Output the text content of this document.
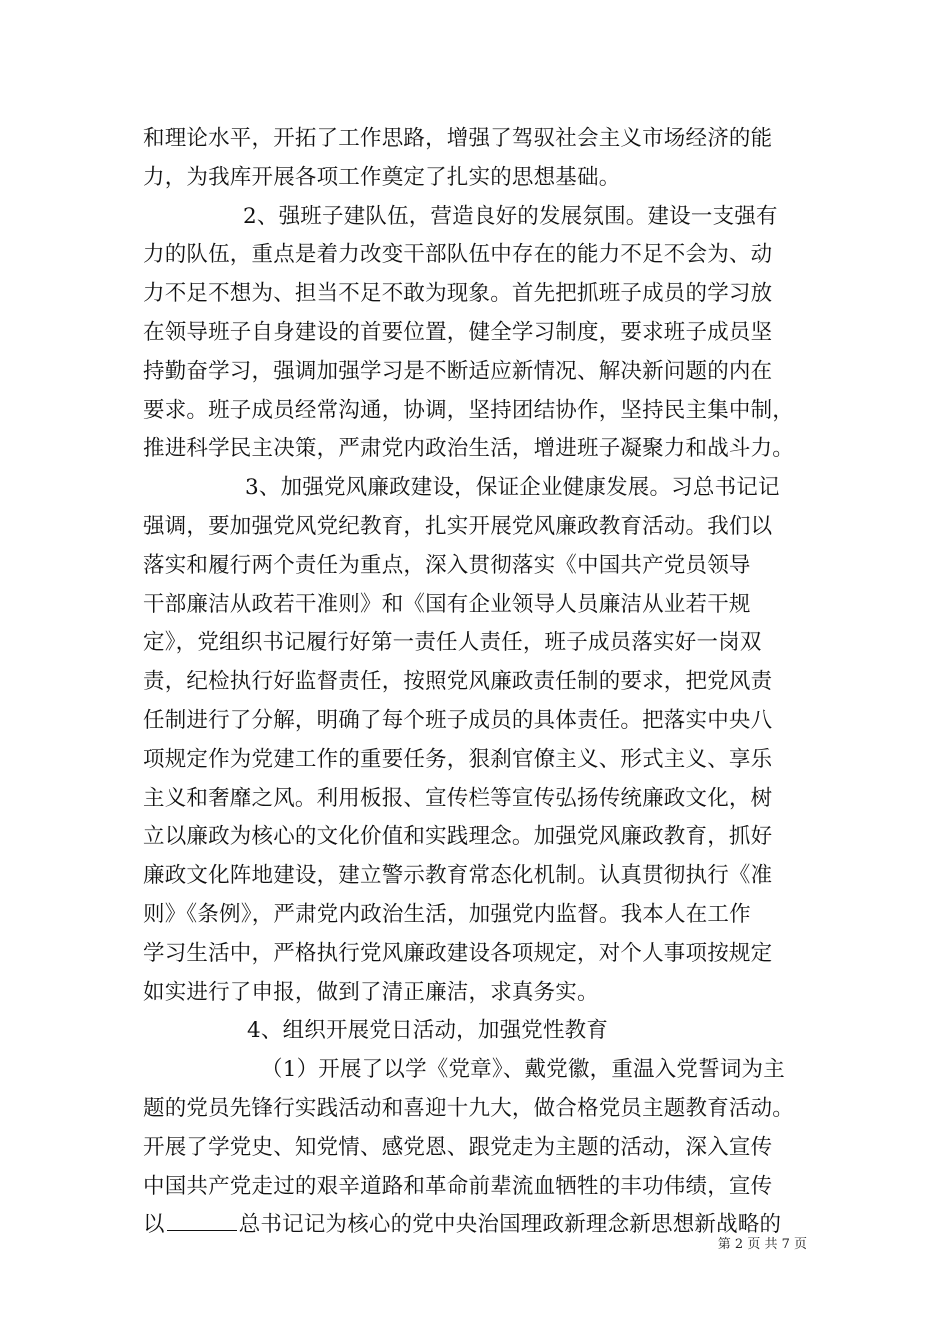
和理论水平，开拓了工作思路，增强了驾驭社会主义市场经济的能
力，为我库开展各项工作奠定了扎实的思想基础。
2、强班子建队伍，营造良好的发展氛围。建设一支强有
力的队伍，重点是着力改变干部队伍中存在的能力不足不会为、动
力不足不想为、担当不足不敢为现象。首先把抓班子成员的学习放
在领导班子自身建设的首要位置，健全学习制度，要求班子成员坚
持勤奋学习，强调加强学习是不断适应新情况、解决新问题的内在
要求。班子成员经常沟通，协调，坚持团结协作，坚持民主集中制，
推进科学民主决策，严肃党内政治生活，增进班子凝聚力和战斗力。
3、加强党风廉政建设，保证企业健康发展。习总书记记
强调，要加强党风党纪教育，扎实开展党风廉政教育活动。我们以
落实和履行两个责任为重点，深入贯彻落实《中国共产党员领导
干部廉洁从政若干准则》和《国有企业领导人员廉洁从业若干规
定》，党组织书记履行好第一责任人责任，班子成员落实好一岗双
责，纪检执行好监督责任，按照党风廉政责任制的要求，把党风责
任制进行了分解，明确了每个班子成员的具体责任。把落实中央八
项规定作为党建工作的重要任务，狠刹官僚主义、形式主义、享乐
主义和奢靡之风。利用板报、宣传栏等宣传弘扬传统廉政文化，树
立以廉政为核心的文化价值和实践理念。加强党风廉政教育，抓好
廉政文化阵地建设，建立警示教育常态化机制。认真贯彻执行《准
则》《条例》，严肃党内政治生活，加强党内监督。我本人在工作
学习生活中，严格执行党风廉政建设各项规定，对个人事项按规定
如实进行了申报，做到了清正廉洁，求真务实。
4、组织开展党日活动，加强党性教育
（1）开展了以学《党章》、戴党徽，重温入党誓词为主
题的党员先锋行实践活动和喜迎十九大，做合格党员主题教育活动。
开展了学党史、知党情、感党恩、跟党走为主题的活动，深入宣传
中国共产党走过的艰辛道路和革命前辈流血牺牲的丰功伟绩，宣传
以	总书记记为核心的党中央治国理政新理念新思想新战略的
第 2 页 共 7 页
